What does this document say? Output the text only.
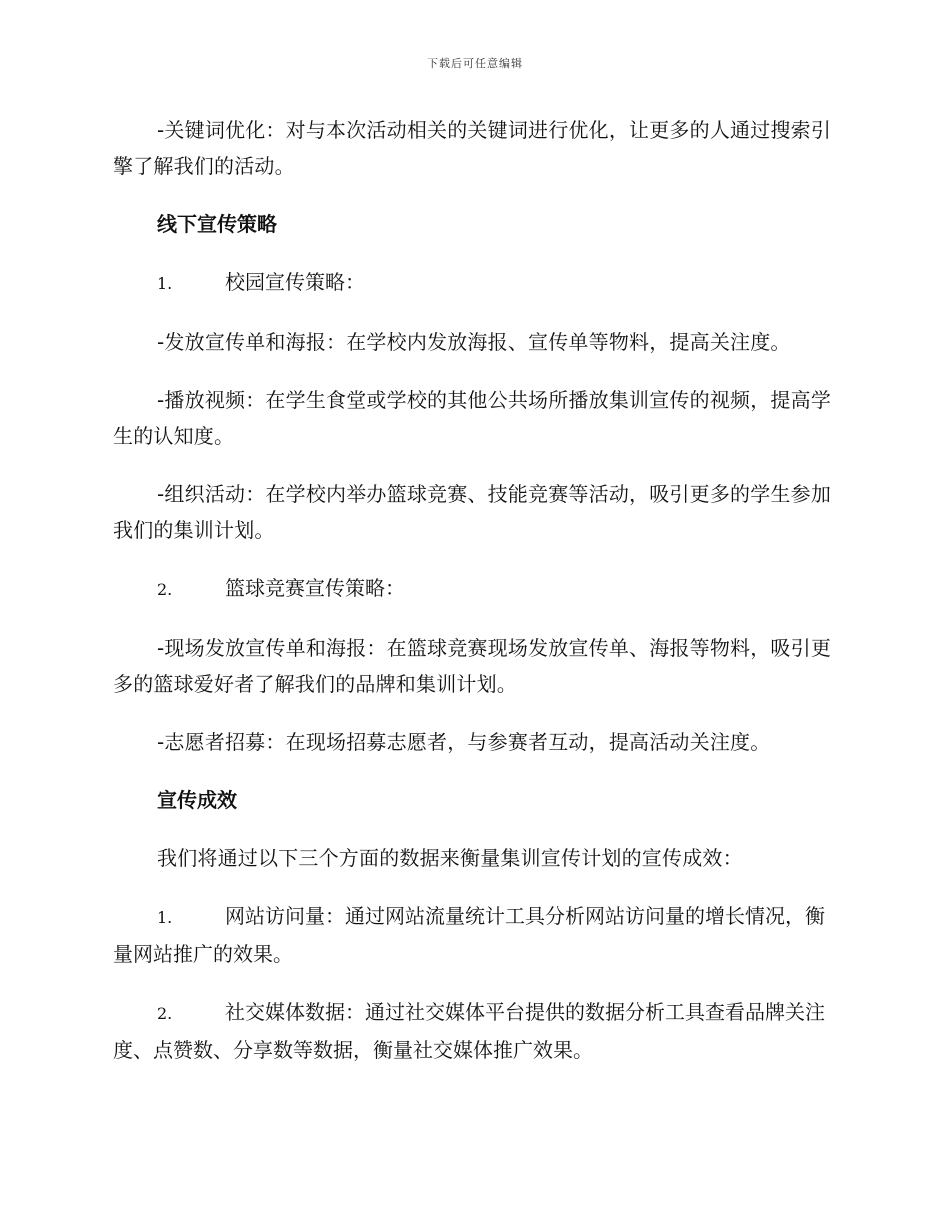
下载后可任意编辑

-关键词优化：对与本次活动相关的关键词进行优化，让更多的人通过搜索引擎了解我们的活动。

线下宣传策略

1.	校园宣传策略：

-发放宣传单和海报：在学校内发放海报、宣传单等物料，提高关注度。

-播放视频：在学生食堂或学校的其他公共场所播放集训宣传的视频，提高学生的认知度。

-组织活动：在学校内举办篮球竞赛、技能竞赛等活动，吸引更多的学生参加我们的集训计划。

2.	篮球竞赛宣传策略：

-现场发放宣传单和海报：在篮球竞赛现场发放宣传单、海报等物料，吸引更多的篮球爱好者了解我们的品牌和集训计划。

-志愿者招募：在现场招募志愿者，与参赛者互动，提高活动关注度。

宣传成效

我们将通过以下三个方面的数据来衡量集训宣传计划的宣传成效：

1.	网站访问量：通过网站流量统计工具分析网站访问量的增长情况，衡量网站推广的效果。

2.	社交媒体数据：通过社交媒体平台提供的数据分析工具查看品牌关注度、点赞数、分享数等数据，衡量社交媒体推广效果。
